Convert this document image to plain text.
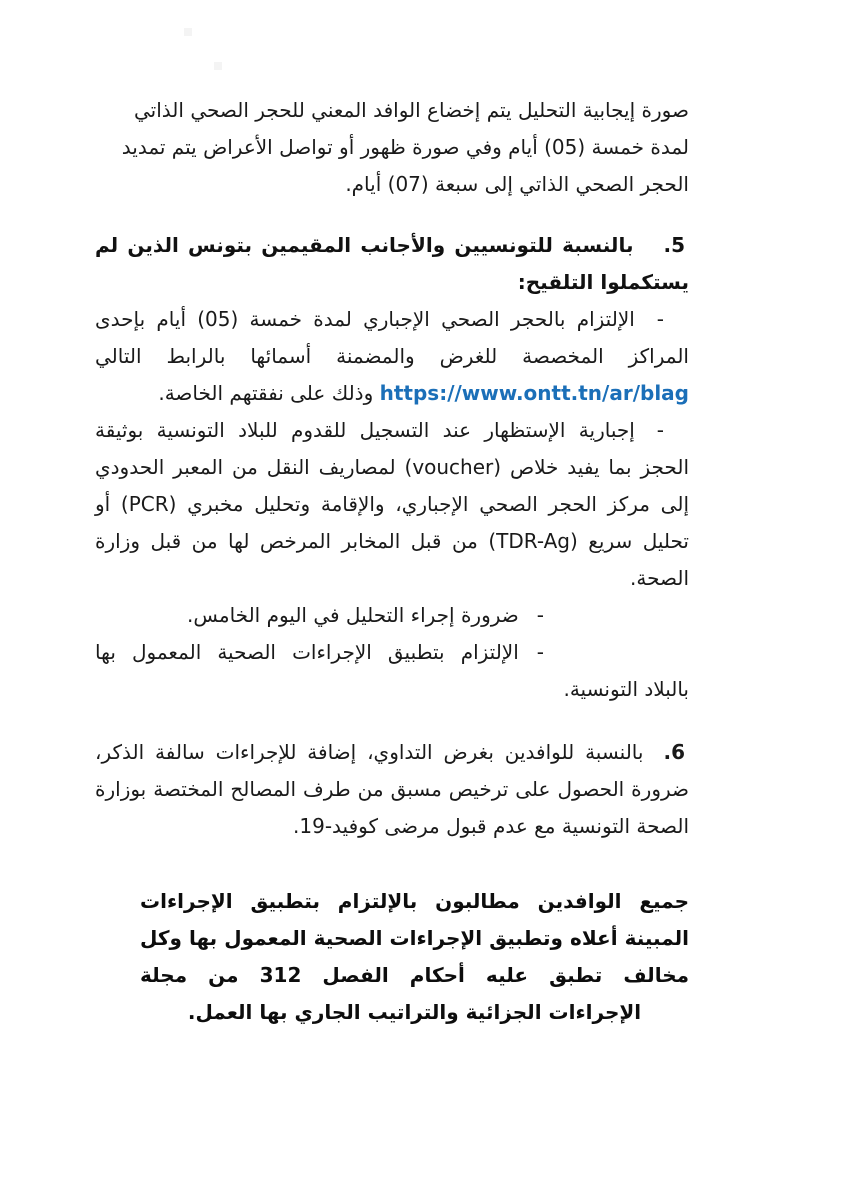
صورة إيجابية التحليل يتم إخضاع الوافد المعني للحجر الصحي الذاتي لمدة خمسة (05) أيام وفي صورة ظهور أو تواصل الأعراض يتم تمديد الحجر الصحي الذاتي إلى سبعة (07) أيام.

5.بالنسبة للتونسيين والأجانب المقيمين بتونس الذين لم يستكملوا التلقيح:

-الإلتزام بالحجر الصحي الإجباري لمدة خمسة (05) أيام بإحدى المراكز المخصصة للغرض والمضمنة أسمائها بالرابط التالي https://www.ontt.tn/ar/blag وذلك على نفقتهم الخاصة.

-إجبارية الإستظهار عند التسجيل للقدوم للبلاد التونسية بوثيقة الحجز بما يفيد خلاص (voucher) لمصاريف النقل من المعبر الحدودي إلى مركز الحجر الصحي الإجباري، والإقامة وتحليل مخبري (PCR) أو تحليل سريع (TDR-Ag) من قبل المخابر المرخص لها من قبل وزارة الصحة.

-ضرورة إجراء التحليل في اليوم الخامس.

-الإلتزام بتطبيق الإجراءات الصحية المعمول بها بالبلاد التونسية.

6.بالنسبة للوافدين بغرض التداوي، إضافة للإجراءات سالفة الذكر، ضرورة الحصول على ترخيص مسبق من طرف المصالح المختصة بوزارة الصحة التونسية مع عدم قبول مرضى كوفيد-19.

جميع الوافدين مطالبون بالإلتزام بتطبيق الإجراءات المبينة أعلاه وتطبيق الإجراءات الصحية المعمول بها وكل مخالف تطبق عليه أحكام الفصل 312 من مجلة الإجراءات الجزائية والتراتيب الجاري بها العمل.
